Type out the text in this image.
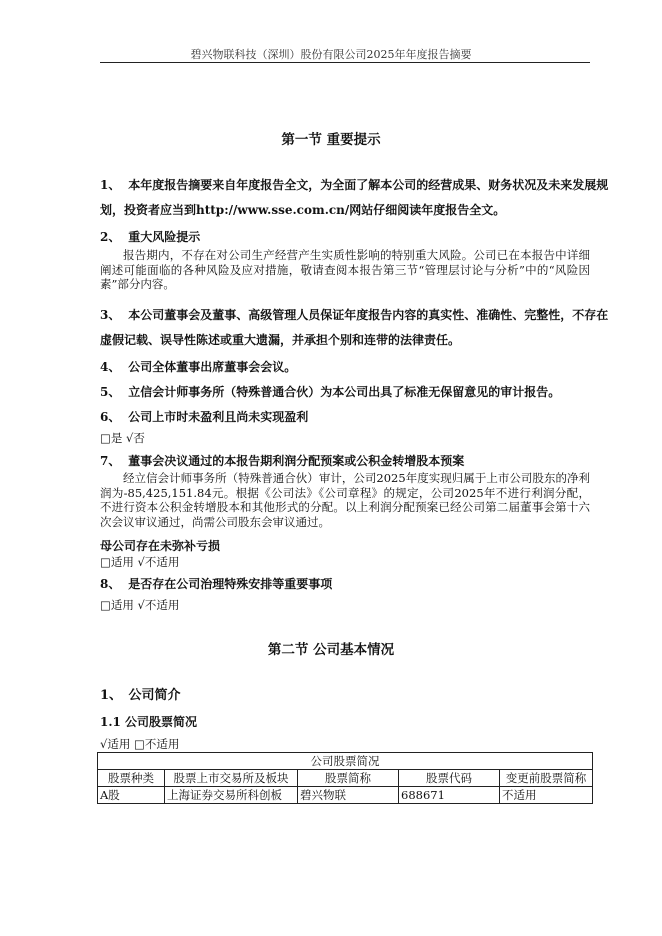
碧兴物联科技（深圳）股份有限公司2025年年度报告摘要
第一节 重要提示
1、 本年度报告摘要来自年度报告全文，为全面了解本公司的经营成果、财务状况及未来发展规
划，投资者应当到http://www.sse.com.cn/网站仔细阅读年度报告全文。
2、 重大风险提示

报告期内，不存在对公司生产经营产生实质性影响的特别重大风险。公司已在本报告中详细阐述可能面临的各种风险及应对措施，敬请查阅本报告第三节“管理层讨论与分析”中的“风险因素”部分内容。

3、 本公司董事会及董事、高级管理人员保证年度报告内容的真实性、准确性、完整性，不存在
虚假记载、误导性陈述或重大遗漏，并承担个别和连带的法律责任。
4、 公司全体董事出席董事会会议。
5、 立信会计师事务所（特殊普通合伙）为本公司出具了标准无保留意见的审计报告。
6、 公司上市时未盈利且尚未实现盈利
□是 √否
7、 董事会决议通过的本报告期利润分配预案或公积金转增股本预案

经立信会计师事务所（特殊普通合伙）审计，公司2025年度实现归属于上市公司股东的净利润为-85,425,151.84元。根据《公司法》《公司章程》的规定，公司2025年不进行利润分配，不进行资本公积金转增股本和其他形式的分配。以上利润分配预案已经公司第二届董事会第十六次会议审议通过，尚需公司股东会审议通过。

母公司存在未弥补亏损
□适用 √不适用
8、 是否存在公司治理特殊安排等重要事项
□适用 √不适用
第二节 公司基本情况
1、 公司简介
1.1 公司股票简况
√适用 □不适用
公司股票简况				
股票种类	股票上市交易所及板块	股票简称	股票代码	变更前股票简称
A股	上海证券交易所科创板	碧兴物联	688671	不适用
